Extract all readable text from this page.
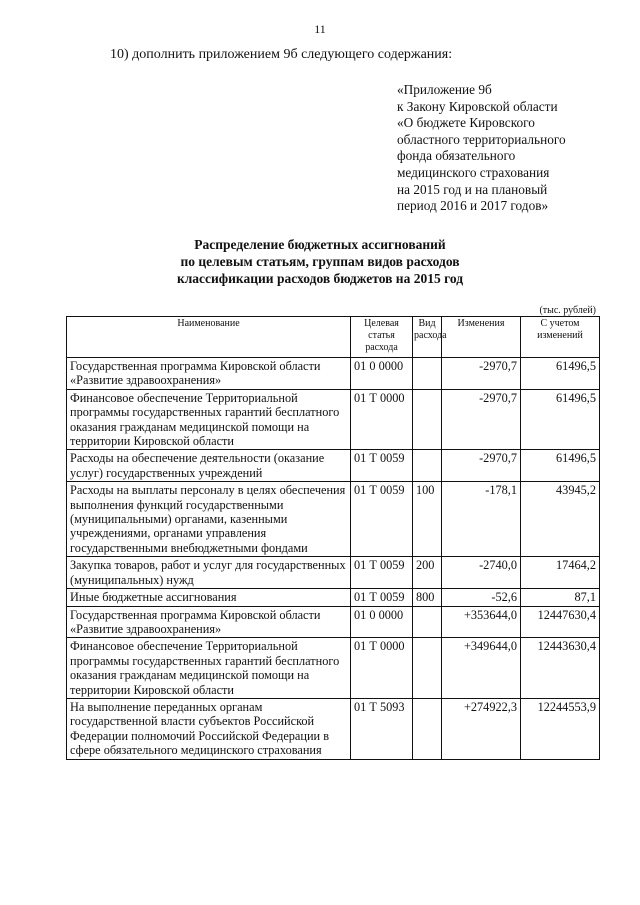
11
10) дополнить приложением 9б следующего содержания:
«Приложение 9б
к Закону Кировской области
«О бюджете Кировского
областного территориального
фонда обязательного
медицинского страхования
на 2015 год и на плановый
период 2016 и 2017 годов»
Распределение бюджетных ассигнований
по целевым статьям, группам видов расходов
классификации расходов бюджетов на 2015 год
(тыс. рублей)
Наименование	Целевая статья расхода	Вид расхода	Изменения	С учетом изменений
Государственная программа Кировской области «Развитие здравоохранения»	01 0 0000		-2970,7	61496,5
Финансовое обеспечение Территориальной программы государственных гарантий бесплатного оказания гражданам медицинской помощи на территории Кировской области	01 Т 0000		-2970,7	61496,5
Расходы на обеспечение деятельности (оказание услуг) государственных учреждений	01 Т 0059		-2970,7	61496,5
Расходы на выплаты персоналу в целях обеспечения выполнения функций государственными (муниципальными) органами, казенными учреждениями, органами управления государственными внебюджетными фондами	01 Т 0059	100	-178,1	43945,2
Закупка товаров, работ и услуг для государственных (муниципальных) нужд	01 Т 0059	200	-2740,0	17464,2
Иные бюджетные ассигнования	01 Т 0059	800	-52,6	87,1
Государственная программа Кировской области «Развитие здравоохранения»	01 0 0000		+353644,0	12447630,4
Финансовое обеспечение Территориальной программы государственных гарантий бесплатного оказания гражданам медицинской помощи на территории Кировской области	01 Т 0000		+349644,0	12443630,4
На выполнение переданных органам государственной власти субъектов Российской Федерации полномочий Российской Федерации в сфере обязательного медицинского страхования	01 Т 5093		+274922,3	12244553,9
